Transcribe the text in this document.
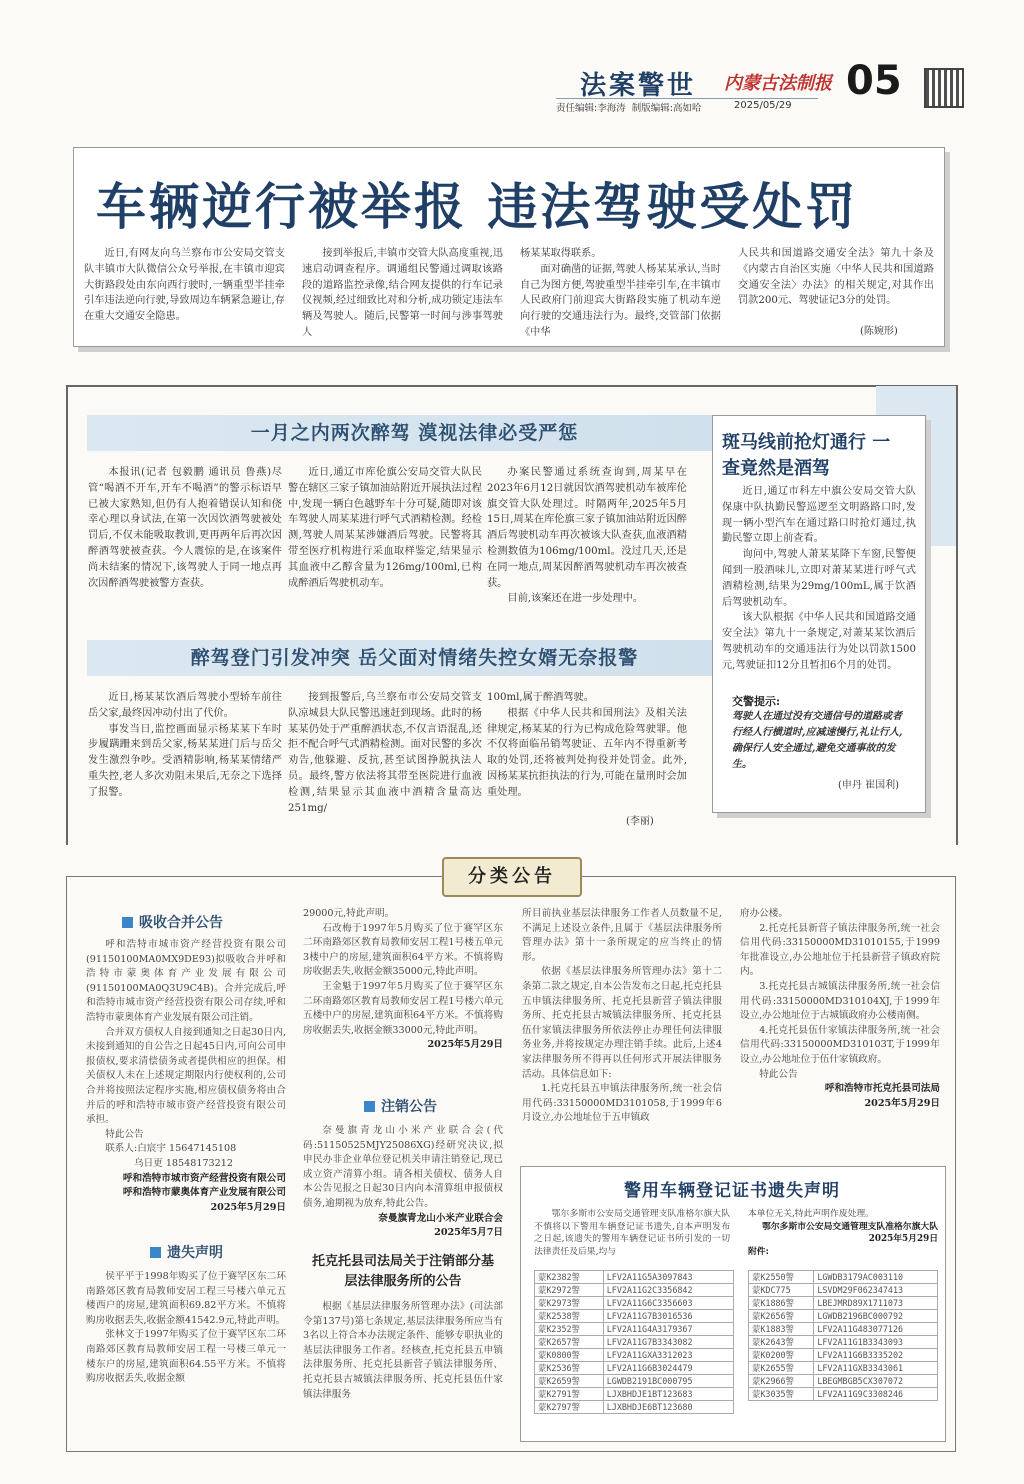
法案警世 内蒙古法制报
责任编辑:李海涛  制版编辑:高如哈	2025/05/29
05
车辆逆行被举报 违法驾驶受处罚

近日,有网友向乌兰察布市公安局交管支队丰镇市大队微信公众号举报,在丰镇市迎宾大街路段处由东向西行驶时,一辆重型半挂牵引车违法逆向行驶,导致周边车辆紧急避让,存在重大交通安全隐患。

接到举报后,丰镇市交管大队高度重视,迅速启动调查程序。调通组民警通过调取该路段的道路监控录像,结合网友提供的行车记录仪视频,经过细致比对和分析,成功锁定违法车辆及驾驶人。随后,民警第一时间与涉事驾驶人

杨某某取得联系。

面对确凿的证据,驾驶人杨某某承认,当时自己为图方便,驾驶重型半挂牵引车,在丰镇市人民政府门前迎宾大街路段实施了机动车逆向行驶的交通违法行为。最终,交管部门依据《中华

人民共和国道路交通安全法》第九十条及《内蒙古自治区实施〈中华人民共和国道路交通安全法〉办法》的相关规定,对其作出罚款200元、驾驶证记3分的处罚。

(陈婉形)
一月之内两次醉驾 漠视法律必受严惩

本报讯(记者 包毅鹏 通讯员 鲁燕)尽管“喝酒不开车,开车不喝酒”的警示标语早已被大家熟知,但仍有人抱着错误认知和侥幸心理以身试法,在第一次因饮酒驾驶被处罚后,不仅未能吸取教训,更再两年后再次因醉酒驾驶被查获。今人震惊的是,在该案件尚未结案的情况下,该驾驶人于同一地点再次因醉酒驾驶被警方查获。

近日,通辽市库伦旗公安局交管大队民警在辖区三家子镇加油站附近开展执法过程中,发现一辆白色越野车十分可疑,随即对该车驾驶人周某某进行呼气式酒精检测。经检测,驾驶人周某某涉嫌酒后驾驶。民警将其带至医疗机构进行采血取样鉴定,结果显示其血液中乙醇含量为126mg/100ml,已构成醉酒后驾驶机动车。

办案民警通过系统查询到,周某早在2023年6月12日就因饮酒驾驶机动车被库伦旗交管大队处理过。时隔两年,2025年5月15日,周某在库伦旗三家子镇加油站附近因醉酒后驾驶机动车再次被该大队查获,血液酒精检测数值为106mg/100ml。没过几天,还是在同一地点,周某因醉酒驾驶机动车再次被查获。

目前,该案还在进一步处理中。

醉驾登门引发冲突 岳父面对情绪失控女婿无奈报警

近日,杨某某饮酒后驾驶小型轿车前往岳父家,最终因冲动付出了代价。

事发当日,监控画面显示杨某某下车时步履蹒跚来到岳父家,杨某某进门后与岳父发生激烈争吵。受酒精影响,杨某某情绪严重失控,老人多次劝阻未果后,无奈之下选择了报警。

接到报警后,乌兰察布市公安局交管支队凉城县大队民警迅速赶到现场。此时的杨某某仍处于严重醉酒状态,不仅言语混乱,还拒不配合呼气式酒精检测。面对民警的多次劝告,他躲避、反抗,甚至试图挣脱执法人员。最终,警方依法将其带至医院进行血液检测,结果显示其血液中酒精含量高达251mg/

100ml,属于醉酒驾驶。

根据《中华人民共和国刑法》及相关法律规定,杨某某的行为已构成危险驾驶罪。他不仅将面临吊销驾驶证、五年内不得重新考取的处罚,还将被判处拘役并处罚金。此外,因杨某某抗拒执法的行为,可能在量刑时会加重处理。

(李丽)
斑马线前抢灯通行 一查竟然是酒驾

近日,通辽市科左中旗公安局交管大队保康中队执勤民警巡逻至文明路路口时,发现一辆小型汽车在通过路口时抢灯通过,执勤民警立即上前查看。

询问中,驾驶人萧某某降下车窗,民警便闻到一股酒味儿,立即对萧某某进行呼气式酒精检测,结果为29mg/100mL,属于饮酒后驾驶机动车。

该大队根据《中华人民共和国道路交通安全法》第九十一条规定,对萧某某饮酒后驾驶机动车的交通违法行为处以罚款1500元,驾驶证扣12分且暂扣6个月的处罚。

交警提示:
驾驶人在通过没有交通信号的道路或者行经人行横道时,应减速慢行,礼让行人,确保行人安全通过,避免交通事故的发生。
(申丹 崔国利)
分类公告
吸收合并公告

呼和浩特市城市资产经营投资有限公司(91150100MA0MX9DE93)拟吸收合并呼和浩特市蒙奥体育产业发展有限公司(91150100MA0Q3U9C4B)。合并完成后,呼和浩特市城市资产经营投资有限公司存续,呼和浩特市蒙奥体育产业发展有限公司注销。

合并双方债权人自接到通知之日起30日内,未接到通知的自公告之日起45日内,可向公司申报债权,要求清偿债务或者提供相应的担保。相关债权人未在上述规定期限内行使权利的,公司合并将按照法定程序实施,相应债权债务将由合并后的呼和浩特市城市资产经营投资有限公司承担。

特此公告

联系人:白宸宇 15647145108

乌日更 18548173212

呼和浩特市城市资产经营投资有限公司

呼和浩特市蒙奥体育产业发展有限公司

2025年5月29日

遗失声明

侯平平于1998年购买了位于赛罕区东二环南路郊区教育局教师安居工程三号楼六单元五楼西户的房屋,建筑面积69.82平方米。不慎将购房收据丢失,收据金额41542.9元,特此声明。

张林文于1997年购买了位于赛罕区东二环南路郊区教育局教师安居工程一号楼三单元一楼东户的房屋,建筑面积64.55平方米。不慎将购房收据丢失,收据金额

29000元,特此声明。

石改梅于1997年5月购买了位于赛罕区东二环南路郊区教育局教师安居工程1号楼五单元3楼中户的房屋,建筑面积64平方米。不慎将购房收据丢失,收据金额35000元,特此声明。

王金魁于1997年5月购买了位于赛罕区东二环南路郊区教育局教师安居工程1号楼六单元五楼中户的房屋,建筑面积64平方米。不慎将购房收据丢失,收据金额33000元,特此声明。

2025年5月29日

注销公告

奈曼旗青龙山小米产业联合会(代码:51150525MJY25086XG)经研究决议,拟申民办非企业单位登记机关申请注销登记,现已成立资产清算小组。请各相关债权、债务人自本公告见报之日起30日内向本清算组申报债权债务,逾期视为放弃,特此公告。

奈曼旗青龙山小米产业联合会

2025年5月7日

托克托县司法局关于注销部分基层法律服务所的公告

根据《基层法律服务所管理办法》(司法部令第137号)第七条规定,基层法律服务所应当有3名以上符合本办法规定条件、能够专职执业的基层法律服务工作者。经核查,托克托县五申镇法律服务所、托克托县新营子镇法律服务所、托克托县古城镇法律服务所、托克托县伍什家镇法律服务

所目前执业基层法律服务工作者人员数量不足,不满足上述设立条件,且属于《基层法律服务所管理办法》第十一条所规定的应当终止的情形。

依据《基层法律服务所管理办法》第十二条第二款之规定,自本公告发布之日起,托克托县五申镇法律服务所、托克托县新营子镇法律服务所、托克托县古城镇法律服务所、托克托县伍什家镇法律服务所依法停止办理任何法律服务业务,并将按规定办理注销手续。此后,上述4家法律服务所不得再以任何形式开展法律服务活动。具体信息如下:

1.托克托县五申镇法律服务所,统一社会信用代码:33150000MD3101058,于1999年6月设立,办公地址位于五申镇政

府办公楼。

2.托克托县新营子镇法律服务所,统一社会信用代码:33150000MD31010155,于1999年批准设立,办公地址位于托县新营子镇政府院内。

3.托克托县古城镇法律服务所,统一社会信用代码:33150000MD310104XJ,于1999年设立,办公地址位于古城镇政府办公楼南侧。

4.托克托县伍什家镇法律服务所,统一社会信用代码:33150000MD310103T,于1999年设立,办公地址位于伍什家镇政府。

特此公告

呼和浩特市托克托县司法局

2025年5月29日

警用车辆登记证书遗失声明

鄂尔多斯市公安局交通管理支队准格尔旗大队不慎将以下警用车辆登记证书遗失,自本声明发布之日起,该遗失的警用车辆登记证书所引发的一切法律责任及后果,均与

本单位无关,特此声明作废处理。

鄂尔多斯市公安局交通管理支队准格尔旗大队

2025年5月29日

附件:

蒙K2382警	LFV2A11G5A3097843
蒙K2972警	LFV2A11G2C3356842
蒙K2973警	LFV2A11G6C3356603
蒙K2538警	LFV2A11G7B3016536
蒙K2352警	LFV2A11G4A3179367
蒙K2657警	LFV2A11G7B3343082
蒙K0800警	LFV2A11GXA3312023
蒙K2536警	LFV2A11G6B3024479
蒙K2659警	LGWDB2191BC000795
蒙K2791警	LJXBHDJE1BT123683
蒙K2797警	LJXBHDJE6BT123680
蒙K2550警	LGWDB3179AC003110
蒙KDC775	LSVDM29F062347413
蒙K1886警	LBEJMRD89X1711073
蒙K2656警	LGWDB2196BC000792
蒙K1883警	LFV2A11G483077126
蒙K2643警	LFV2A11G1B3343093
蒙K0200警	LFV2A11G6B3335202
蒙K2655警	LFV2A11GXB3343061
蒙K2966警	LBEGMBGB5CX307072
蒙K3035警	LFV2A11G9C3308246
